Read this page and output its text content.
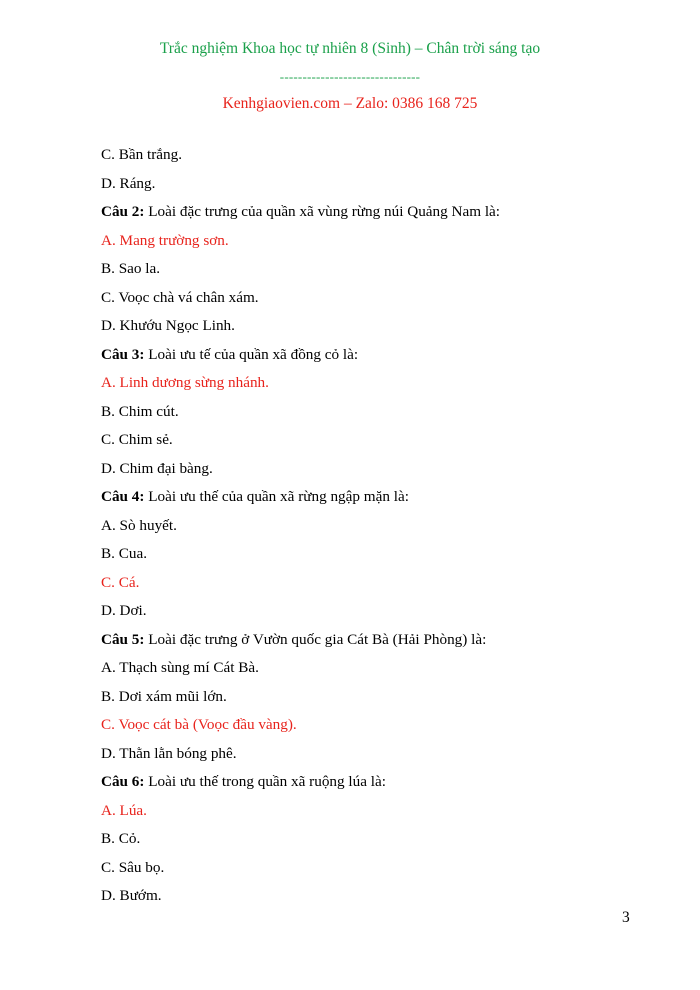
Trắc nghiệm Khoa học tự nhiên 8 (Sinh) – Chân trời sáng tạo
-------------------------------
Kenhgiaovien.com – Zalo: 0386 168 725
C. Bần trắng.
D. Ráng.
Câu 2: Loài đặc trưng của quần xã vùng rừng núi Quảng Nam là:
A. Mang trường sơn.
B. Sao la.
C. Voọc chà vá chân xám.
D. Khướu Ngọc Linh.
Câu 3: Loài ưu tế của quần xã đồng cỏ là:
A. Linh dương sừng nhánh.
B. Chim cút.
C. Chim sẻ.
D. Chim đại bàng.
Câu 4: Loài ưu thế của quần xã rừng ngập mặn là:
A. Sò huyết.
B. Cua.
C. Cá.
D. Dơi.
Câu 5: Loài đặc trưng ở Vườn quốc gia Cát Bà (Hải Phòng) là:
A. Thạch sùng mí Cát Bà.
B. Dơi xám mũi lớn.
C. Voọc cát bà (Voọc đầu vàng).
D. Thằn lằn bóng phê.
Câu 6: Loài ưu thế trong quần xã ruộng lúa là:
A. Lúa.
B. Cỏ.
C. Sâu bọ.
D. Bướm.
3
